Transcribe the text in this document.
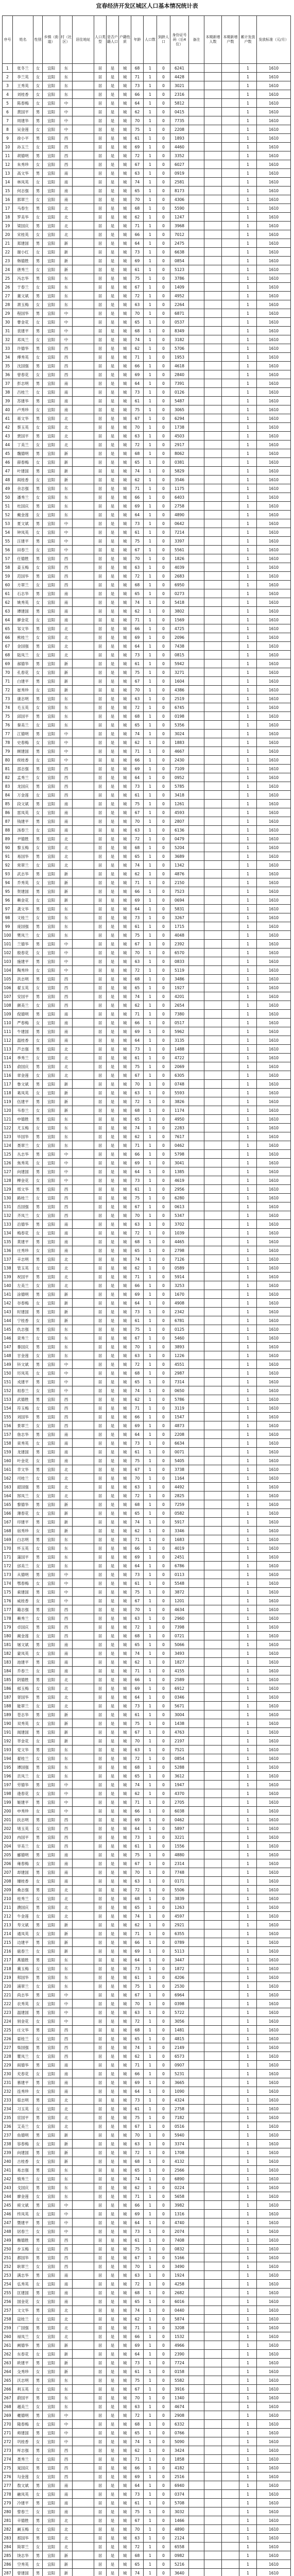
宜春经济开发区城区人口基本情况统计表
序号	姓名	性别	乡镇（街道）	村（社区）	居住地址	人口类型	是否户籍人口	户籍性质	年龄	人口数	到龄人口	身份证号码（后4位）	备注	本期新增人数	本期新增户数	累计发放户数	发放标准（元/月）
1	张冬兰	女	宜阳	东		居	是	城	68	1	0	6241				1	1610
2	李兰英	女	宜阳	东		居	是	城	71	1	0	4428				1	1610
3	王秀英	女	宜阳	东		居	是	城	73	1	0	3021				1	1610
4	刘桂香	女	宜阳	东		居	是	城	66	1	0	2316				1	1610
5	陈春梅	女	宜阳	中		居	是	城	64	1	0	5812				1	1610
6	黄国平	男	宜阳	中		居	是	城	62	1	0	0415				1	1610
7	周建华	男	宜阳	中		居	是	城	70	1	0	7735				1	1610
8	吴金莲	女	宜阳	中		居	是	城	75	1	0	2208				1	1610
9	徐小平	男	宜阳	西		居	是	城	61	1	0	1893				1	1610
10	孙玉兰	女	宜阳	西		居	是	城	69	1	0	4460				1	1610
11	胡德明	男	宜阳	西		居	是	城	72	1	0	3352				1	1610
12	朱秀珍	女	宜阳	西		居	是	城	67	1	0	6027				1	1610
13	高文华	男	宜阳	南		居	是	城	63	1	0	0919				1	1610
14	林凤英	女	宜阳	南		居	是	城	74	1	0	2581				1	1610
15	何志强	男	宜阳	南		居	是	城	65	1	0	8173				1	1610
16	郭翠兰	女	宜阳	南		居	是	城	70	1	0	4306				1	1610
17	马春生	男	宜阳	北		居	是	城	68	1	0	5590				1	1610
18	罗美华	女	宜阳	北		居	是	城	62	1	0	1247				1	1610
19	梁国庆	男	宜阳	北		居	是	城	71	1	0	3968				1	1610
20	宋桂英	女	宜阳	北		居	是	城	66	1	0	7012				1	1610
21	郑建国	男	宜阳	新		居	是	城	64	1	0	2475				1	1610
22	谢小红	女	宜阳	新		居	是	城	73	1	0	6638				1	1610
23	韩德胜	男	宜阳	新		居	是	城	69	1	0	0854				1	1610
24	唐秀兰	女	宜阳	新		居	是	城	61	1	0	5123				1	1610
25	冯志华	男	宜阳	东		居	是	城	75	1	0	3786				1	1610
26	于春兰	女	宜阳	东		居	是	城	67	1	0	1409				1	1610
27	董文斌	男	宜阳	东		居	是	城	72	1	0	4952				1	1610
28	萧玉梅	女	宜阳	东		居	是	城	63	1	0	2264				1	1610
29	程国华	男	宜阳	中		居	是	城	70	1	0	6871				1	1610
30	曹金花	女	宜阳	中		居	是	城	65	1	0	0537				1	1610
31	袁建平	男	宜阳	中		居	是	城	68	1	0	8349				1	1610
32	邓凤兰	女	宜阳	中		居	是	城	74	1	0	3182				1	1610
33	许德华	男	宜阳	西		居	是	城	62	1	0	5706				1	1610
34	傅秀英	女	宜阳	西		居	是	城	71	1	0	1953				1	1610
35	沈国强	男	宜阳	西		居	是	城	66	1	0	4618				1	1610
36	曾春花	女	宜阳	西		居	是	城	69	1	0	2840				1	1610
37	彭志明	男	宜阳	南		居	是	城	64	1	0	7391				1	1610
38	吕桂兰	女	宜阳	南		居	是	城	73	1	0	0126				1	1610
39	苏建华	男	宜阳	南		居	是	城	61	1	0	5487				1	1610
40	卢秀珍	女	宜阳	南		居	是	城	75	1	0	3065				1	1610
41	蒋文华	男	宜阳	北		居	是	城	67	1	0	6294				1	1610
42	蔡玉英	女	宜阳	北		居	是	城	70	1	0	1738				1	1610
43	贾国平	男	宜阳	北		居	是	城	63	1	0	4503				1	1610
44	丁美兰	女	宜阳	北		居	是	城	72	1	0	2917				1	1610
45	魏德明	男	宜阳	新		居	是	城	68	1	0	8062				1	1610
46	薛春梅	女	宜阳	新		居	是	城	65	1	0	0381				1	1610
47	叶建国	男	宜阳	新		居	是	城	74	1	0	5829				1	1610
48	阎桂香	女	宜阳	新		居	是	城	62	1	0	3546				1	1610
49	余志强	男	宜阳	东		居	是	城	71	1	0	1175				1	1610
50	潘秀兰	女	宜阳	东		居	是	城	66	1	0	6403				1	1610
51	杜国庆	男	宜阳	东		居	是	城	69	1	0	2758				1	1610
52	戴金莲	女	宜阳	东		居	是	城	64	1	0	4890				1	1610
53	夏文斌	男	宜阳	中		居	是	城	73	1	0	0642				1	1610
54	钟凤英	女	宜阳	中		居	是	城	61	1	0	7214				1	1610
55	汪建平	男	宜阳	中		居	是	城	75	1	0	3397				1	1610
56	田春兰	女	宜阳	中		居	是	城	67	1	0	5561				1	1610
57	任德胜	男	宜阳	西		居	是	城	70	1	0	1826				1	1610
58	姜玉梅	女	宜阳	西		居	是	城	63	1	0	4039				1	1610
59	范国华	男	宜阳	西		居	是	城	72	1	0	2683				1	1610
60	方翠兰	女	宜阳	西		居	是	城	68	1	0	6950				1	1610
61	石志华	男	宜阳	南		居	是	城	65	1	0	0273				1	1610
62	姚秀英	女	宜阳	南		居	是	城	74	1	0	5418				1	1610
63	谭建国	男	宜阳	南		居	是	城	62	1	0	3802				1	1610
64	廖金花	女	宜阳	南		居	是	城	71	1	0	1569				1	1610
65	邹文华	男	宜阳	北		居	是	城	66	1	0	4725				1	1610
66	熊桂兰	女	宜阳	北		居	是	城	69	1	0	2096				1	1610
67	金国强	男	宜阳	北		居	是	城	64	1	0	7438				1	1610
68	陆凤兰	女	宜阳	北		居	是	城	73	1	0	0815				1	1610
69	郝德华	男	宜阳	新		居	是	城	61	1	0	5942				1	1610
70	孔春花	女	宜阳	新		居	是	城	75	1	0	3271				1	1610
71	白建平	男	宜阳	新		居	是	城	67	1	0	1604				1	1610
72	崔秀珍	女	宜阳	新		居	是	城	70	1	0	4386				1	1610
73	康志明	男	宜阳	东		居	是	城	63	1	0	2519				1	1610
74	毛玉英	女	宜阳	东		居	是	城	72	1	0	6745				1	1610
75	邱国平	男	宜阳	东		居	是	城	68	1	0	0198				1	1610
76	秦美兰	女	宜阳	东		居	是	城	65	1	0	5356				1	1610
77	江德明	男	宜阳	中		居	是	城	74	1	0	3024				1	1610
78	史春梅	女	宜阳	中		居	是	城	62	1	0	1883				1	1610
79	顾建国	男	宜阳	中		居	是	城	71	1	0	4667				1	1610
80	侯桂香	女	宜阳	中		居	是	城	66	1	0	2430				1	1610
81	邵志强	男	宜阳	西		居	是	城	69	1	0	7109				1	1610
82	孟秀兰	女	宜阳	西		居	是	城	64	1	0	0952				1	1610
83	龙国庆	男	宜阳	西		居	是	城	73	1	0	5785				1	1610
84	万金莲	女	宜阳	西		居	是	城	61	1	0	3418				1	1610
85	段文斌	男	宜阳	南		居	是	城	75	1	0	1261				1	1610
86	雷凤英	女	宜阳	南		居	是	城	67	1	0	4593				1	1610
87	钱建平	男	宜阳	南		居	是	城	70	1	0	2807				1	1610
88	汤春兰	女	宜阳	南		居	是	城	63	1	0	6136				1	1610
89	尹德胜	男	宜阳	北		居	是	城	72	1	0	0479				1	1610
90	黎玉梅	女	宜阳	北		居	是	城	68	1	0	5204				1	1610
91	易国华	男	宜阳	北		居	是	城	65	1	0	3689				1	1610
92	常翠兰	女	宜阳	北		居	是	城	74	1	0	1342				1	1610
93	武志华	男	宜阳	新		居	是	城	62	1	0	4876				1	1610
94	乔秀英	女	宜阳	新		居	是	城	71	1	0	2150				1	1610
95	贺建国	男	宜阳	新		居	是	城	66	1	0	7523				1	1610
96	赖金花	女	宜阳	新		居	是	城	69	1	0	0694				1	1610
97	龚文华	男	宜阳	东		居	是	城	64	1	0	5831				1	1610
98	文桂兰	女	宜阳	东		居	是	城	73	1	0	3267				1	1610
99	庞国强	男	宜阳	东		居	是	城	61	1	0	1715				1	1610
100	樊凤兰	女	宜阳	东		居	是	城	75	1	0	4048				1	1610
101	兰德华	男	宜阳	中		居	是	城	67	1	0	2392				1	1610
102	殷春花	女	宜阳	中		居	是	城	70	1	0	6570				1	1610
103	施建平	男	宜阳	中		居	是	城	63	1	0	0833				1	1610
104	陶秀珍	女	宜阳	中		居	是	城	72	1	0	5119				1	1610
105	洪志明	男	宜阳	西		居	是	城	68	1	0	3486				1	1610
106	翟玉英	女	宜阳	西		居	是	城	65	1	0	1927				1	1610
107	安国平	男	宜阳	西		居	是	城	74	1	0	4201				1	1610
108	颜美兰	女	宜阳	西		居	是	城	62	1	0	2654				1	1610
109	倪德明	男	宜阳	南		居	是	城	71	1	0	7380				1	1610
110	严春梅	女	宜阳	南		居	是	城	66	1	0	0517				1	1610
111	牛建国	男	宜阳	南		居	是	城	69	1	0	5962				1	1610
112	温桂香	女	宜阳	南		居	是	城	64	1	0	3135				1	1610
113	芦志强	男	宜阳	北		居	是	城	73	1	0	1488				1	1610
114	季秀兰	女	宜阳	北		居	是	城	61	1	0	4722				1	1610
115	俞国庆	男	宜阳	北		居	是	城	75	1	0	2069				1	1610
116	章金莲	女	宜阳	北		居	是	城	67	1	0	6305				1	1610
117	鲁文斌	男	宜阳	新		居	是	城	70	1	0	0748				1	1610
118	葛凤英	女	宜阳	新		居	是	城	63	1	0	5593				1	1610
119	伍建平	男	宜阳	新		居	是	城	72	1	0	3826				1	1610
120	韦春兰	女	宜阳	新		居	是	城	68	1	0	1174				1	1610
121	申德胜	男	宜阳	东		居	是	城	65	1	0	4950				1	1610
122	尤玉梅	女	宜阳	东		居	是	城	74	1	0	2283				1	1610
123	毕国华	男	宜阳	东		居	是	城	62	1	0	7617				1	1610
124	聂翠兰	女	宜阳	东		居	是	城	71	1	0	0462				1	1610
125	丛志华	男	宜阳	中		居	是	城	66	1	0	5798				1	1610
126	焦秀英	女	宜阳	中		居	是	城	69	1	0	3041				1	1610
127	向建国	男	宜阳	中		居	是	城	64	1	0	1385				1	1610
128	柳金花	女	宜阳	中		居	是	城	73	1	0	4619				1	1610
129	邢文华	男	宜阳	西		居	是	城	61	1	0	2956				1	1610
130	路桂兰	女	宜阳	西		居	是	城	75	1	0	6280				1	1610
131	岳国强	男	宜阳	西		居	是	城	67	1	0	0613				1	1610
132	齐凤兰	女	宜阳	西		居	是	城	70	1	0	5347				1	1610
133	沿德华	男	宜阳	南		居	是	城	63	1	0	3702				1	1610
134	梅春花	女	宜阳	南		居	是	城	72	1	0	1039				1	1610
135	莫建平	男	宜阳	南		居	是	城	68	1	0	4465				1	1610
136	庄秀珍	女	宜阳	南		居	是	城	65	1	0	2798				1	1610
137	辛志明	男	宜阳	北		居	是	城	74	1	0	7126				1	1610
138	管玉英	女	宜阳	北		居	是	城	62	1	0	0589				1	1610
139	祝国平	男	宜阳	北		居	是	城	71	1	0	5914				1	1610
140	左美兰	女	宜阳	北		居	是	城	66	1	0	3253				1	1610
141	涂德明	男	宜阳	新		居	是	城	69	1	0	1670				1	1610
142	谷春梅	女	宜阳	新		居	是	城	64	1	0	4908				1	1610
143	时建国	男	宜阳	新		居	是	城	73	1	0	2342				1	1610
144	宁桂香	女	宜阳	新		居	是	城	61	1	0	6781				1	1610
145	仇志强	男	宜阳	东		居	是	城	75	1	0	0125				1	1610
146	栾秀兰	女	宜阳	东		居	是	城	67	1	0	5460				1	1610
147	暴国庆	男	宜阳	东		居	是	城	70	1	0	3893				1	1610
148	甘金莲	女	宜阳	东		居	是	城	63	1	0	1226				1	1610
149	钭文斌	男	宜阳	中		居	是	城	72	1	0	4551				1	1610
150	厉凤英	女	宜阳	中		居	是	城	68	1	0	2987				1	1610
151	戎建平	男	宜阳	中		居	是	城	65	1	0	7314				1	1610
152	祖春兰	女	宜阳	中		居	是	城	74	1	0	0650				1	1610
153	武德胜	男	宜阳	西		居	是	城	62	1	0	5786				1	1610
154	符玉梅	女	宜阳	西		居	是	城	71	1	0	3119				1	1610
155	刘国华	男	宜阳	西		居	是	城	66	1	0	1547				1	1610
156	景翠兰	女	宜阳	西		居	是	城	69	1	0	4873				1	1610
157	詹志华	男	宜阳	南		居	是	城	64	1	0	2208				1	1610
158	束秀英	女	宜阳	南		居	是	城	73	1	0	6634				1	1610
159	龙建国	男	宜阳	南		居	是	城	61	1	0	0071				1	1610
160	叶金花	女	宜阳	南		居	是	城	75	1	0	5405				1	1610
161	幸文华	男	宜阳	北		居	是	城	67	1	0	3738				1	1610
162	司桂兰	女	宜阳	北		居	是	城	70	1	0	1164				1	1610
163	韶国强	男	宜阳	北		居	是	城	63	1	0	4492				1	1610
164	郜凤兰	女	宜阳	北		居	是	城	72	1	0	2825				1	1610
165	黎德华	男	宜阳	新		居	是	城	68	1	0	7259				1	1610
166	薄春花	女	宜阳	新		居	是	城	65	1	0	0582				1	1610
167	印建平	男	宜阳	新		居	是	城	74	1	0	5917				1	1610
168	宿秀珍	女	宜阳	新		居	是	城	62	1	0	3346				1	1610
169	白志明	男	宜阳	东		居	是	城	71	1	0	1683				1	1610
170	怀玉英	女	宜阳	东		居	是	城	66	1	0	4019				1	1610
171	蒲国平	男	宜阳	东		居	是	城	69	1	0	2451				1	1610
172	邰美兰	女	宜阳	东		居	是	城	64	1	0	6786				1	1610
173	从德明	男	宜阳	中		居	是	城	73	1	0	0113				1	1610
174	鄂春梅	女	宜阳	中		居	是	城	61	1	0	5548				1	1610
175	索建国	男	宜阳	中		居	是	城	75	1	0	3872				1	1610
176	咸桂香	女	宜阳	中		居	是	城	67	1	0	1201				1	1610
177	籍志强	男	宜阳	西		居	是	城	70	1	0	4634				1	1610
178	赖秀兰	女	宜阳	西		居	是	城	63	1	0	2960				1	1610
179	卓国庆	男	宜阳	西		居	是	城	72	1	0	7398				1	1610
180	蔺金莲	女	宜阳	西		居	是	城	68	1	0	0721				1	1610
181	屠文斌	男	宜阳	南		居	是	城	65	1	0	5066				1	1610
182	蒙凤英	女	宜阳	南		居	是	城	74	1	0	3493				1	1610
183	池建平	男	宜阳	南		居	是	城	62	1	0	1827				1	1610
184	乔春兰	女	宜阳	南		居	是	城	71	1	0	4155				1	1610
185	阴德胜	男	宜阳	北		居	是	城	66	1	0	2589				1	1610
186	郁玉梅	女	宜阳	北		居	是	城	69	1	0	6912				1	1610
187	胥国华	男	宜阳	北		居	是	城	64	1	0	0346				1	1610
188	能翠兰	女	宜阳	北		居	是	城	73	1	0	5671				1	1610
189	苍志华	男	宜阳	新		居	是	城	61	1	0	3004				1	1610
190	双秀英	女	宜阳	新		居	是	城	75	1	0	1438				1	1610
191	闻建国	男	宜阳	新		居	是	城	67	1	0	4763				1	1610
192	莘金花	女	宜阳	新		居	是	城	70	1	0	2197				1	1610
193	党文华	男	宜阳	东		居	是	城	63	1	0	7521				1	1610
194	翟桂兰	女	宜阳	东		居	是	城	72	1	0	0854				1	1610
195	谭国强	男	宜阳	东		居	是	城	68	1	0	5288				1	1610
196	贡凤兰	女	宜阳	东		居	是	城	65	1	0	3612				1	1610
197	劳德华	男	宜阳	中		居	是	城	74	1	0	1947				1	1610
198	逄春花	女	宜阳	中		居	是	城	62	1	0	4370				1	1610
199	姬建平	男	宜阳	中		居	是	城	71	1	0	2705				1	1610
200	申秀珍	女	宜阳	中		居	是	城	66	1	0	6038				1	1610
201	扶志明	男	宜阳	西		居	是	城	69	1	0	0462				1	1610
202	堵玉英	女	宜阳	西		居	是	城	64	1	0	5897				1	1610
203	冉国平	男	宜阳	西		居	是	城	73	1	0	3221				1	1610
204	宰美兰	女	宜阳	西		居	是	城	61	1	0	1556				1	1610
205	郦德明	男	宜阳	南		居	是	城	75	1	0	4880				1	1610
206	雍春梅	女	宜阳	南		居	是	城	67	1	0	2314				1	1610
207	却建国	男	宜阳	南		居	是	城	70	1	0	7748				1	1610
208	璩桂香	女	宜阳	南		居	是	城	63	1	0	0171				1	1610
209	桑志强	男	宜阳	北		居	是	城	72	1	0	5506				1	1610
210	桂秀兰	女	宜阳	北		居	是	城	68	1	0	3839				1	1610
211	濮国庆	男	宜阳	北		居	是	城	65	1	0	1263				1	1610
212	牛金莲	女	宜阳	北		居	是	城	74	1	0	4597				1	1610
213	寿文斌	男	宜阳	新		居	是	城	62	1	0	2921				1	1610
214	通凤英	女	宜阳	新		居	是	城	71	1	0	6355				1	1610
215	边建平	男	宜阳	新		居	是	城	66	1	0	0789				1	1610
216	扈春兰	女	宜阳	新		居	是	城	69	1	0	5113				1	1610
217	燕德胜	男	宜阳	东		居	是	城	64	1	0	3447				1	1610
218	冀玉梅	女	宜阳	东		居	是	城	73	1	0	1872				1	1610
219	郏国华	男	宜阳	东		居	是	城	61	1	0	4206				1	1610
220	浦翠兰	女	宜阳	东		居	是	城	75	1	0	2530				1	1610
221	尚志华	男	宜阳	中		居	是	城	67	1	0	6964				1	1610
222	农秀英	女	宜阳	中		居	是	城	70	1	0	0398				1	1610
223	温建国	男	宜阳	中		居	是	城	63	1	0	5722				1	1610
224	别金花	女	宜阳	中		居	是	城	72	1	0	3056				1	1610
225	庄文华	男	宜阳	西		居	是	城	68	1	0	1481				1	1610
226	晏桂兰	女	宜阳	西		居	是	城	65	1	0	4815				1	1610
227	柴国强	男	宜阳	西		居	是	城	74	1	0	2149				1	1610
228	瞿凤兰	女	宜阳	西		居	是	城	62	1	0	6573				1	1610
229	阎德华	男	宜阳	南		居	是	城	71	1	0	0907				1	1610
230	充春花	女	宜阳	南		居	是	城	66	1	0	5231				1	1610
231	慕建平	男	宜阳	南		居	是	城	69	1	0	3665				1	1610
232	连秀珍	女	宜阳	南		居	是	城	64	1	0	1090				1	1610
233	茹志明	男	宜阳	北		居	是	城	73	1	0	4324				1	1610
234	习玉英	女	宜阳	北		居	是	城	61	1	0	2758				1	1610
235	宦国平	男	宜阳	北		居	是	城	75	1	0	7182				1	1610
236	艾美兰	女	宜阳	北		居	是	城	67	1	0	0516				1	1610
237	鱼德明	男	宜阳	新		居	是	城	70	1	0	5940				1	1610
238	容春梅	女	宜阳	新		居	是	城	63	1	0	3374				1	1610
239	向建国	男	宜阳	新		居	是	城	72	1	0	1708				1	1610
240	古桂香	女	宜阳	新		居	是	城	68	1	0	4132				1	1610
241	易志强	男	宜阳	东		居	是	城	65	1	0	2566				1	1610
242	慎秀兰	女	宜阳	东		居	是	城	74	1	0	6890				1	1610
243	戈国庆	男	宜阳	东		居	是	城	62	1	0	0224				1	1610
244	廖金莲	女	宜阳	东		居	是	城	71	1	0	5658				1	1610
245	庾文斌	男	宜阳	中		居	是	城	66	1	0	3982				1	1610
246	终凤英	女	宜阳	中		居	是	城	69	1	0	1316				1	1610
247	暨建平	男	宜阳	中		居	是	城	64	1	0	4740				1	1610
248	居春兰	女	宜阳	中		居	是	城	73	1	0	2074				1	1610
249	衡德胜	男	宜阳	西		居	是	城	61	1	0	7408				1	1610
250	步玉梅	女	宜阳	西		居	是	城	75	1	0	0832				1	1610
251	都国华	男	宜阳	西		居	是	城	67	1	0	5166				1	1610
252	耿翠兰	女	宜阳	西		居	是	城	70	1	0	3490				1	1610
253	满志华	男	宜阳	南		居	是	城	63	1	0	1924				1	1610
254	弘秀英	女	宜阳	南		居	是	城	72	1	0	4258				1	1610
255	匡建国	男	宜阳	南		居	是	城	68	1	0	2682				1	1610
256	国金花	女	宜阳	南		居	是	城	65	1	0	6016				1	1610
257	文文华	男	宜阳	北		居	是	城	74	1	0	0440				1	1610
258	寇桂兰	女	宜阳	北		居	是	城	62	1	0	5874				1	1610
259	广国强	男	宜阳	北		居	是	城	71	1	0	3208				1	1610
260	禄凤兰	女	宜阳	北		居	是	城	66	1	0	1532				1	1610
261	阙德华	男	宜阳	新		居	是	城	69	1	0	4966				1	1610
262	东春花	女	宜阳	新		居	是	城	64	1	0	2390				1	1610
263	欧建平	男	宜阳	新		居	是	城	73	1	0	7724				1	1610
264	殳秀珍	女	宜阳	新		居	是	城	61	1	0	0158				1	1610
265	沃志明	男	宜阳	东		居	是	城	75	1	0	5582				1	1610
266	利玉英	女	宜阳	东		居	是	城	67	1	0	3916				1	1610
267	蔚国平	男	宜阳	东		居	是	城	70	1	0	1340				1	1610
268	越美兰	女	宜阳	东		居	是	城	63	1	0	4674				1	1610
269	夔德明	男	宜阳	中		居	是	城	72	1	0	2908				1	1610
270	隆春梅	女	宜阳	中		居	是	城	68	1	0	6332				1	1610
271	师建国	男	宜阳	中		居	是	城	65	1	0	0766				1	1610
272	巩桂香	女	宜阳	中		居	是	城	74	1	0	5090				1	1610
273	厍志强	男	宜阳	西		居	是	城	62	1	0	3424				1	1610
274	聂秀兰	女	宜阳	西		居	是	城	71	1	0	1858				1	1610
275	晁国庆	男	宜阳	西		居	是	城	66	1	0	4182				1	1610
276	勾金莲	女	宜阳	西		居	是	城	69	1	0	2516				1	1610
277	敖文斌	男	宜阳	南		居	是	城	64	1	0	6940				1	1610
278	融凤英	女	宜阳	南		居	是	城	73	1	0	0374				1	1610
279	冷建平	男	宜阳	南		居	是	城	61	1	0	5708				1	1610
280	訾春兰	女	宜阳	南		居	是	城	75	1	0	3032				1	1610
281	辛德胜	男	宜阳	北		居	是	城	67	1	0	1466				1	1610
282	阚玉梅	女	宜阳	北		居	是	城	70	1	0	4890				1	1610
283	那国华	男	宜阳	北		居	是	城	63	1	0	2124				1	1610
284	简翠兰	女	宜阳	北		居	是	城	72	1	0	6558				1	1610
285	饶志华	男	宜阳	新		居	是	城	68	1	0	0982				1	1610
286	空秀英	女	宜阳	新		居	是	城	65	1	0	5216				1	1610
287	曾建国	男	宜阳	新		居	是	城	74	1	0	3640				1	1610
